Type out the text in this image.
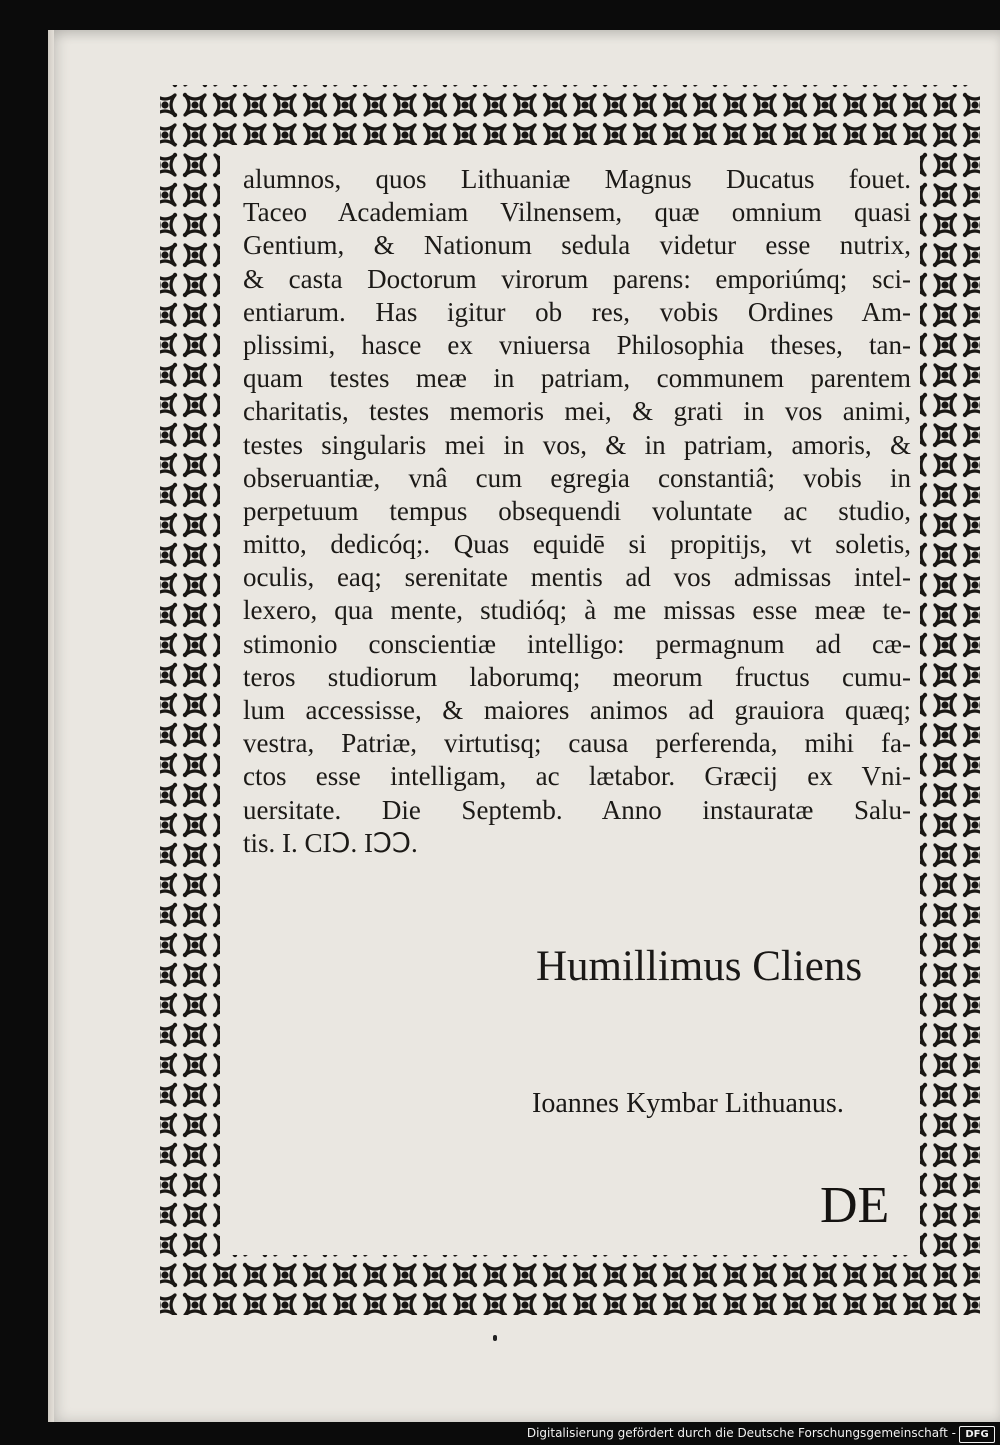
alumnos, quos Lithuaniæ Magnus Ducatus fouet.
Taceo Academiam Vilnensem, quæ omnium quasi
Gentium, & Nationum sedula videtur esse nutrix,
& casta Doctorum virorum parens: emporiúmq; sci-
entiarum. Has igitur ob res, vobis Ordines Am-
plissimi, hasce ex vniuersa Philosophia theses, tan-
quam testes meæ in patriam, communem parentem
charitatis, testes memoris mei, & grati in vos animi,
testes singularis mei in vos, & in patriam, amoris, &
obseruantiæ, vnâ cum egregia constantiâ; vobis in
perpetuum tempus obsequendi voluntate ac studio,
mitto, dedicóq;. Quas equidē si propitijs, vt soletis,
oculis, eaq; serenitate mentis ad vos admissas intel-
lexero, qua mente, studióq; à me missas esse meæ te-
stimonio conscientiæ intelligo: permagnum ad cæ-
teros studiorum laborumq; meorum fructus cumu-
lum accessisse, & maiores animos ad grauiora quæq;
vestra, Patriæ, virtutisq; causa perferenda, mihi fa-
ctos esse intelligam, ac lætabor. Græcij ex Vni-
uersitate. Die Septemb. Anno instauratæ Salu-
tis. I. CIↃ. IↃↃ.
Humillimus Cliens
Ioannes Kymbar Lithuanus.
DE
Digitalisierung gefördert durch die Deutsche Forschungsgemeinschaft - DFG
